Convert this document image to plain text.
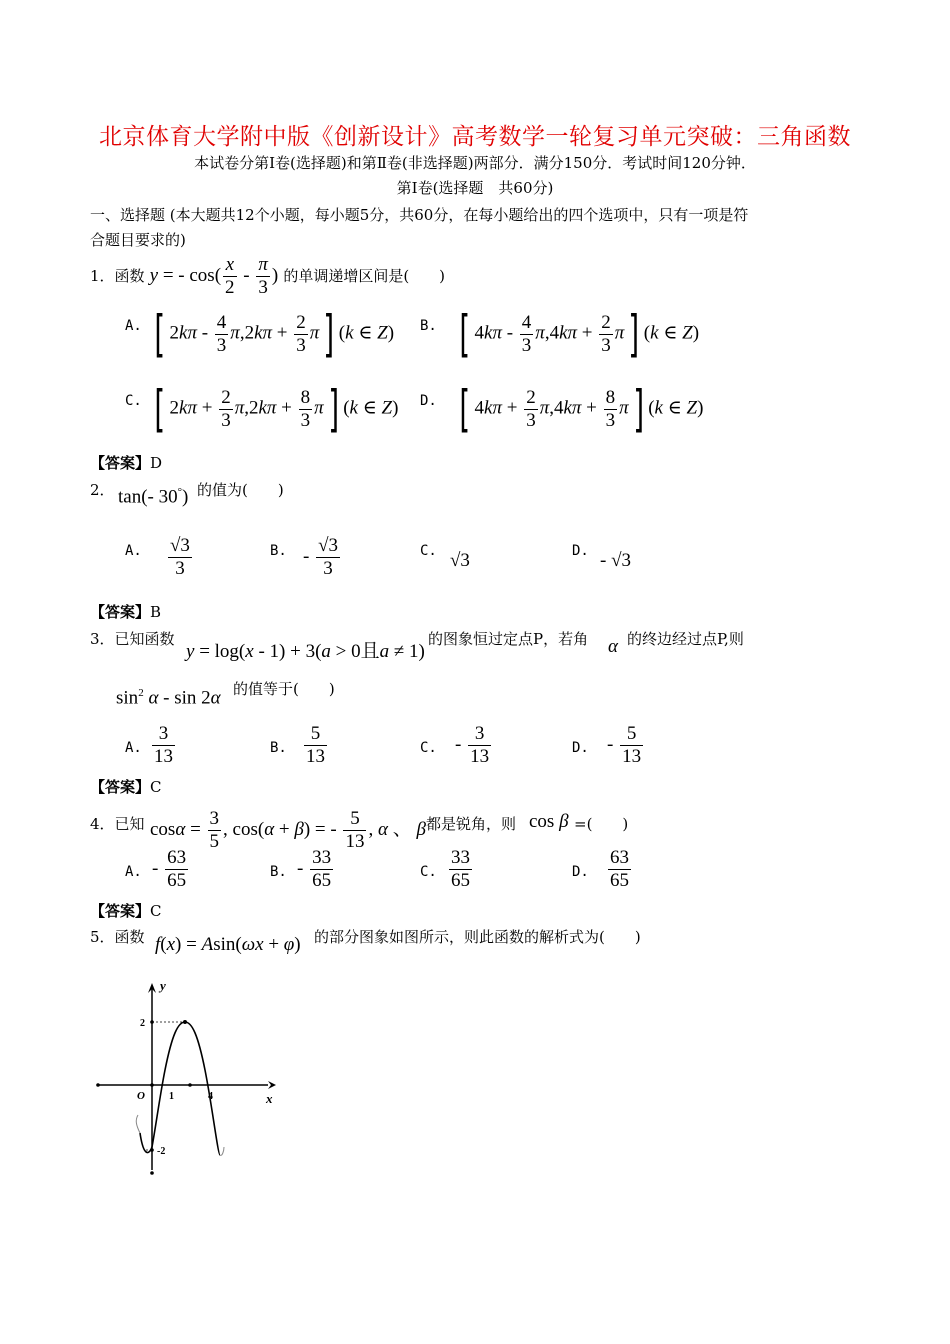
北京体育大学附中版《创新设计》高考数学一轮复习单元突破：三角函数
本试卷分第Ⅰ卷(选择题)和第Ⅱ卷(非选择题)两部分．满分150分．考试时间120分钟．
第Ⅰ卷(选择题　共60分)
一、选择题 (本大题共12个小题，每小题5分，共60分，在每小题给出的四个选项中，只有一项是符
合题目要求的)
1．函数 y = - $\cos( \frac{x}{2} - \frac{\pi}{3}$ ) 的单调递增区间是(　　)
A. [ $2k\pi - \frac{4}{3} \pi,2k\pi + \frac{2}{3} \pi$] (k ∈ Z) B. [ $4k\pi - \frac{4}{3} \pi,4k\pi + \frac{2}{3} \pi$] (k ∈ Z)
C. [ $2k\pi + \frac{2}{3} \pi,2k\pi + \frac{8}{3} \pi$] (k ∈ Z) D. [ $4k\pi + \frac{2}{3} \pi,4k\pi + \frac{8}{3} \pi$] (k ∈ Z)
【答案】D
2． tan(- 30°) 的值为(　　)
A. $\frac{√3}{3}$	B. - $\frac{√3}{3}$	C. √3	D. - √3
【答案】B
3．已知函数
y = log(x - 1) + 3(a > 0且a ≠ 1)
的图象恒过定点P，若角 α 的终边经过点P,则
$\sin^2 \alpha$ - sin 2α 的值等于(　　)
A. $\frac{3}{13}$	B. $\frac{5}{13}$	C. - $\frac{3}{13}$	D. - $\frac{5}{13}$
【答案】C
4．已知 $\cos\alpha = \frac{3}{5}$ , cos(α + β) = - $\frac{5}{13}$ , α 、 β 都是锐角，则 cos β =(　　)
A. - $\frac{63}{65}$	B. - $\frac{33}{65}$	C. $\frac{33}{65}$	D. $\frac{63}{65}$
【答案】C
5．函数 f(x) = Asin(ωx + φ) 的部分图象如图所示，则此函数的解析式为(　　)
y
x
O
2
-2
1	4
